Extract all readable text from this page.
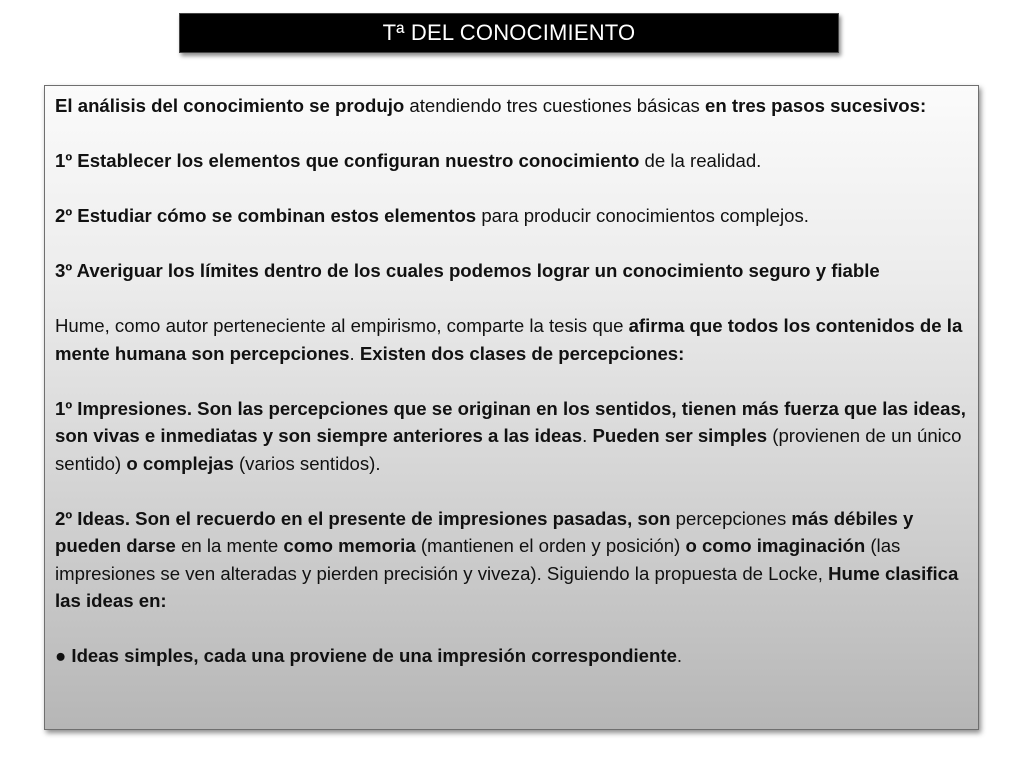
Tª DEL CONOCIMIENTO

El análisis del conocimiento se produjo atendiendo tres cuestiones básicas en tres pasos sucesivos:

1º Establecer los elementos que configuran nuestro conocimiento de la realidad.

2º Estudiar cómo se combinan estos elementos para producir conocimientos complejos.

3º Averiguar los límites dentro de los cuales podemos lograr un conocimiento seguro y fiable

Hume, como autor perteneciente al empirismo, comparte la tesis que afirma que todos los contenidos de la mente humana son percepciones. Existen dos clases de percepciones:

1º Impresiones. Son las percepciones que se originan en los sentidos, tienen más fuerza que las ideas, son vivas e inmediatas y son siempre anteriores a las ideas. Pueden ser simples (provienen de un único sentido) o complejas (varios sentidos).

2º Ideas. Son el recuerdo en el presente de impresiones pasadas, son percepciones más débiles y pueden darse en la mente como memoria (mantienen el orden y posición) o como imaginación (las impresiones se ven alteradas y pierden precisión y viveza). Siguiendo la propuesta de Locke, Hume clasifica las ideas en:

● Ideas simples, cada una proviene de una impresión correspondiente.
